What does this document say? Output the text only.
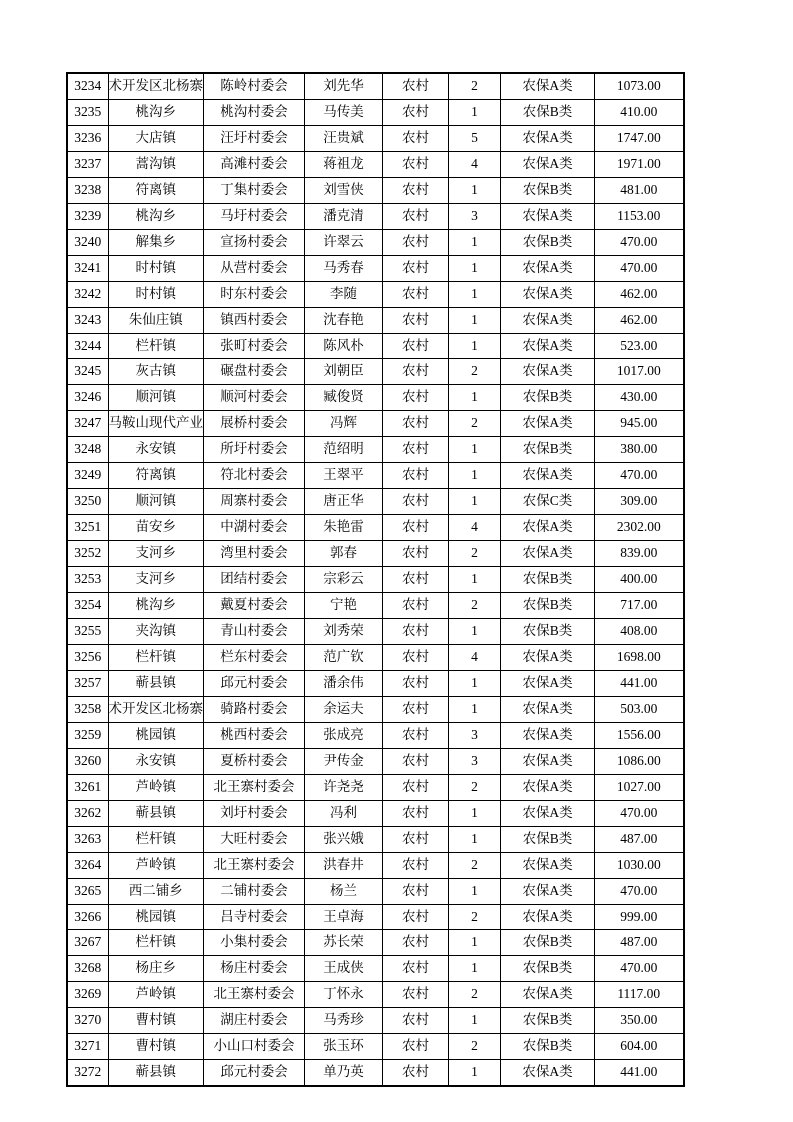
3234	术开发区北杨寨	陈岭村委会	刘先华	农村	2	农保A类	1073.00
3235	桃沟乡	桃沟村委会	马传美	农村	1	农保B类	410.00
3236	大店镇	汪圩村委会	汪贵斌	农村	5	农保A类	1747.00
3237	蒿沟镇	高滩村委会	蒋祖龙	农村	4	农保A类	1971.00
3238	符离镇	丁集村委会	刘雪侠	农村	1	农保B类	481.00
3239	桃沟乡	马圩村委会	潘克清	农村	3	农保A类	1153.00
3240	解集乡	宣扬村委会	许翠云	农村	1	农保B类	470.00
3241	时村镇	从营村委会	马秀春	农村	1	农保A类	470.00
3242	时村镇	时东村委会	李随	农村	1	农保A类	462.00
3243	朱仙庄镇	镇西村委会	沈春艳	农村	1	农保A类	462.00
3244	栏杆镇	张町村委会	陈风朴	农村	1	农保A类	523.00
3245	灰古镇	碾盘村委会	刘朝臣	农村	2	农保A类	1017.00
3246	顺河镇	顺河村委会	臧俊贤	农村	1	农保B类	430.00
3247	马鞍山现代产业	展桥村委会	冯辉	农村	2	农保A类	945.00
3248	永安镇	所圩村委会	范绍明	农村	1	农保B类	380.00
3249	符离镇	符北村委会	王翠平	农村	1	农保A类	470.00
3250	顺河镇	周寨村委会	唐正华	农村	1	农保C类	309.00
3251	苗安乡	中湖村委会	朱艳雷	农村	4	农保A类	2302.00
3252	支河乡	湾里村委会	郭春	农村	2	农保A类	839.00
3253	支河乡	团结村委会	宗彩云	农村	1	农保B类	400.00
3254	桃沟乡	戴夏村委会	宁艳	农村	2	农保B类	717.00
3255	夹沟镇	青山村委会	刘秀荣	农村	1	农保B类	408.00
3256	栏杆镇	栏东村委会	范广钦	农村	4	农保A类	1698.00
3257	蕲县镇	邱元村委会	潘余伟	农村	1	农保A类	441.00
3258	术开发区北杨寨	骑路村委会	余运夫	农村	1	农保A类	503.00
3259	桃园镇	桃西村委会	张成亮	农村	3	农保A类	1556.00
3260	永安镇	夏桥村委会	尹传金	农村	3	农保A类	1086.00
3261	芦岭镇	北王寨村委会	许尧尧	农村	2	农保A类	1027.00
3262	蕲县镇	刘圩村委会	冯利	农村	1	农保A类	470.00
3263	栏杆镇	大旺村委会	张兴娥	农村	1	农保B类	487.00
3264	芦岭镇	北王寨村委会	洪春井	农村	2	农保A类	1030.00
3265	西二铺乡	二铺村委会	杨兰	农村	1	农保A类	470.00
3266	桃园镇	吕寺村委会	王卓海	农村	2	农保A类	999.00
3267	栏杆镇	小集村委会	苏长荣	农村	1	农保B类	487.00
3268	杨庄乡	杨庄村委会	王成侠	农村	1	农保B类	470.00
3269	芦岭镇	北王寨村委会	丁怀永	农村	2	农保A类	1117.00
3270	曹村镇	湖庄村委会	马秀珍	农村	1	农保B类	350.00
3271	曹村镇	小山口村委会	张玉环	农村	2	农保B类	604.00
3272	蕲县镇	邱元村委会	单乃英	农村	1	农保A类	441.00
